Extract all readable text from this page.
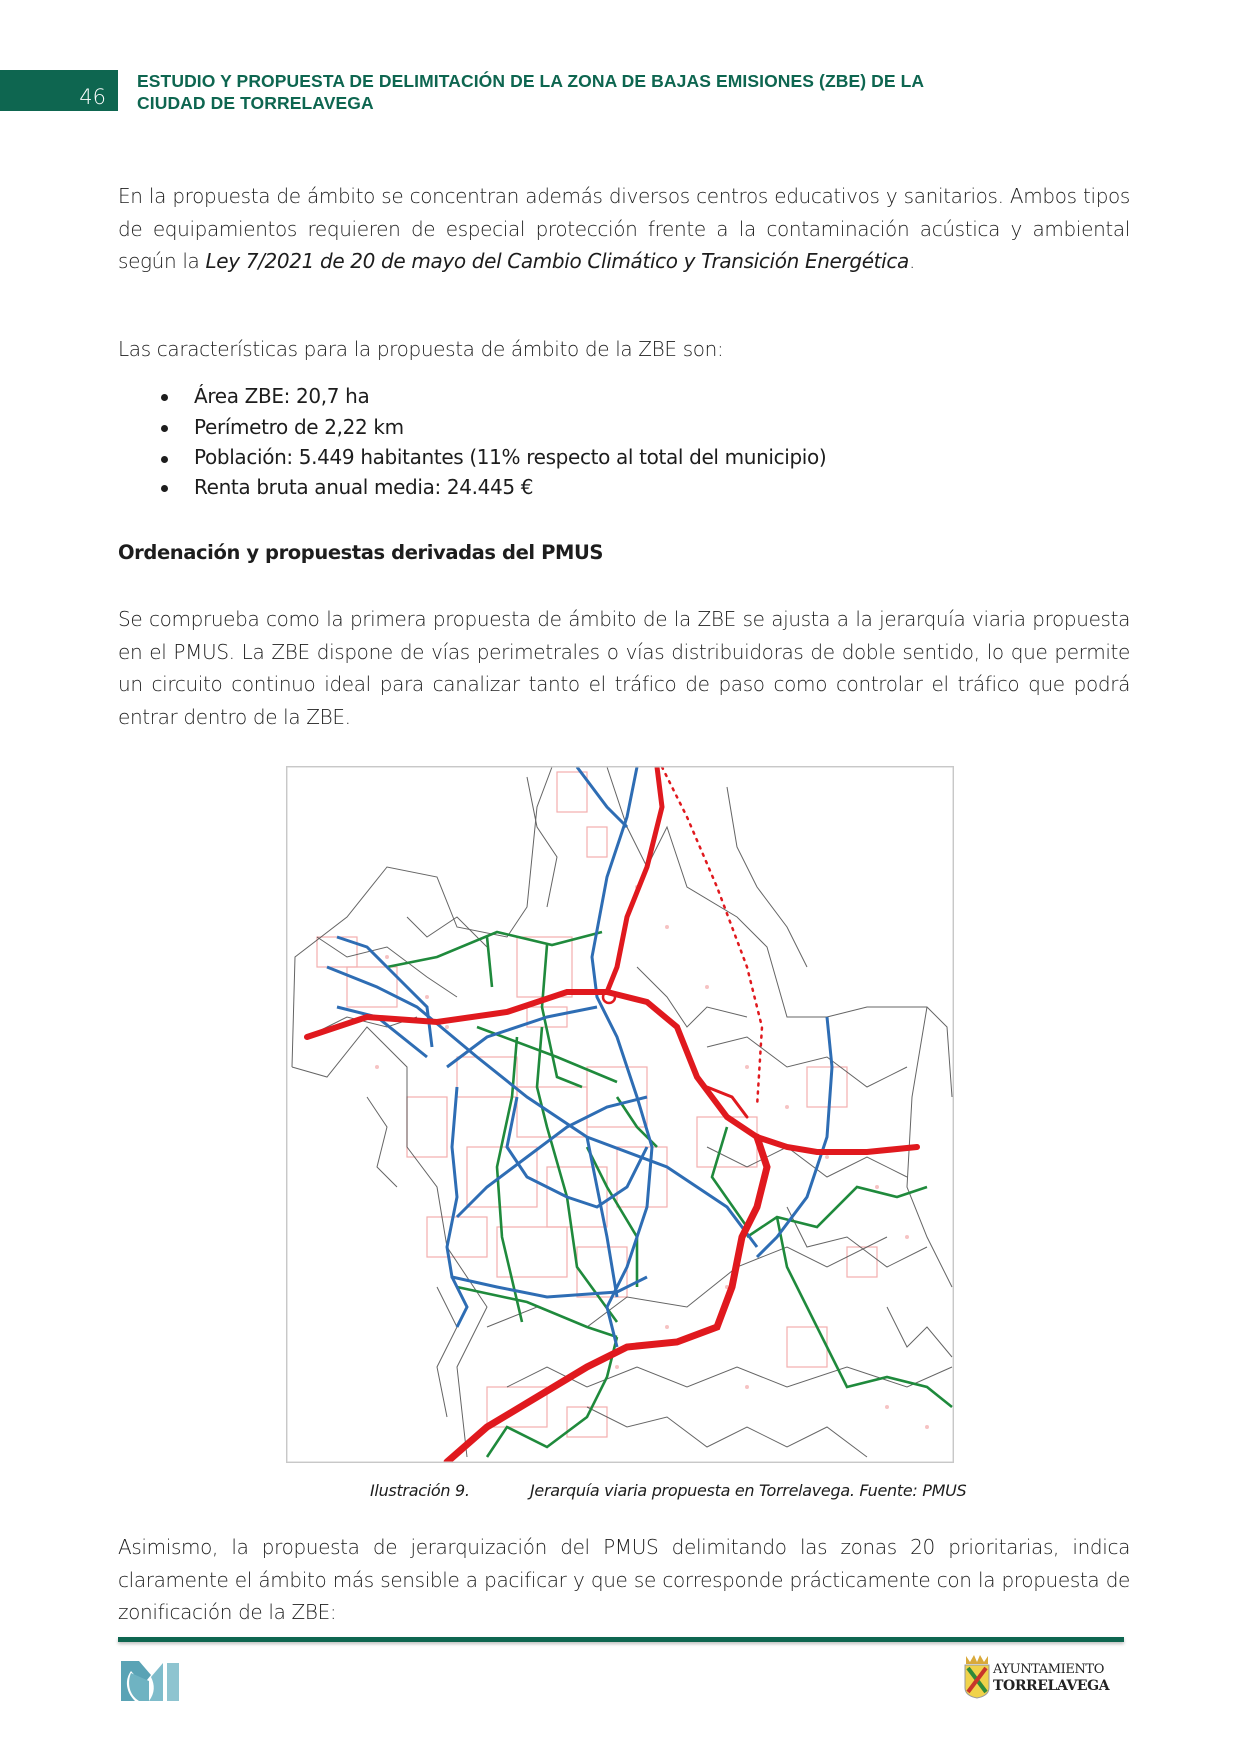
46
ESTUDIO Y PROPUESTA DE DELIMITACIÓN DE LA ZONA DE BAJAS EMISIONES (ZBE) DE LA
CIUDAD DE TORRELAVEGA
En la propuesta de ámbito se concentran además diversos centros educativos y sanitarios. Ambos tipos de equipamientos requieren de especial protección frente a la contaminación acústica y ambiental según la Ley 7/2021 de 20 de mayo del Cambio Climático y Transición Energética.
Las características para la propuesta de ámbito de la ZBE son:
Área ZBE: 20,7 ha
Perímetro de 2,22 km
Población: 5.449 habitantes (11% respecto al total del municipio)
Renta bruta anual media: 24.445 €
Ordenación y propuestas derivadas del PMUS
Se comprueba como la primera propuesta de ámbito de la ZBE se ajusta a la jerarquía viaria propuesta en el PMUS. La ZBE dispone de vías perimetrales o vías distribuidoras de doble sentido, lo que permite un circuito continuo ideal para canalizar tanto el tráfico de paso como controlar el tráfico que podrá entrar dentro de la ZBE.
Ilustración 9.	Jerarquía viaria propuesta en Torrelavega. Fuente: PMUS
Asimismo, la propuesta de jerarquización del PMUS delimitando las zonas 20 prioritarias, indica claramente el ámbito más sensible a pacificar y que se corresponde prácticamente con la propuesta de zonificación de la ZBE:
AYUNTAMIENTO
TORRELAVEGA
